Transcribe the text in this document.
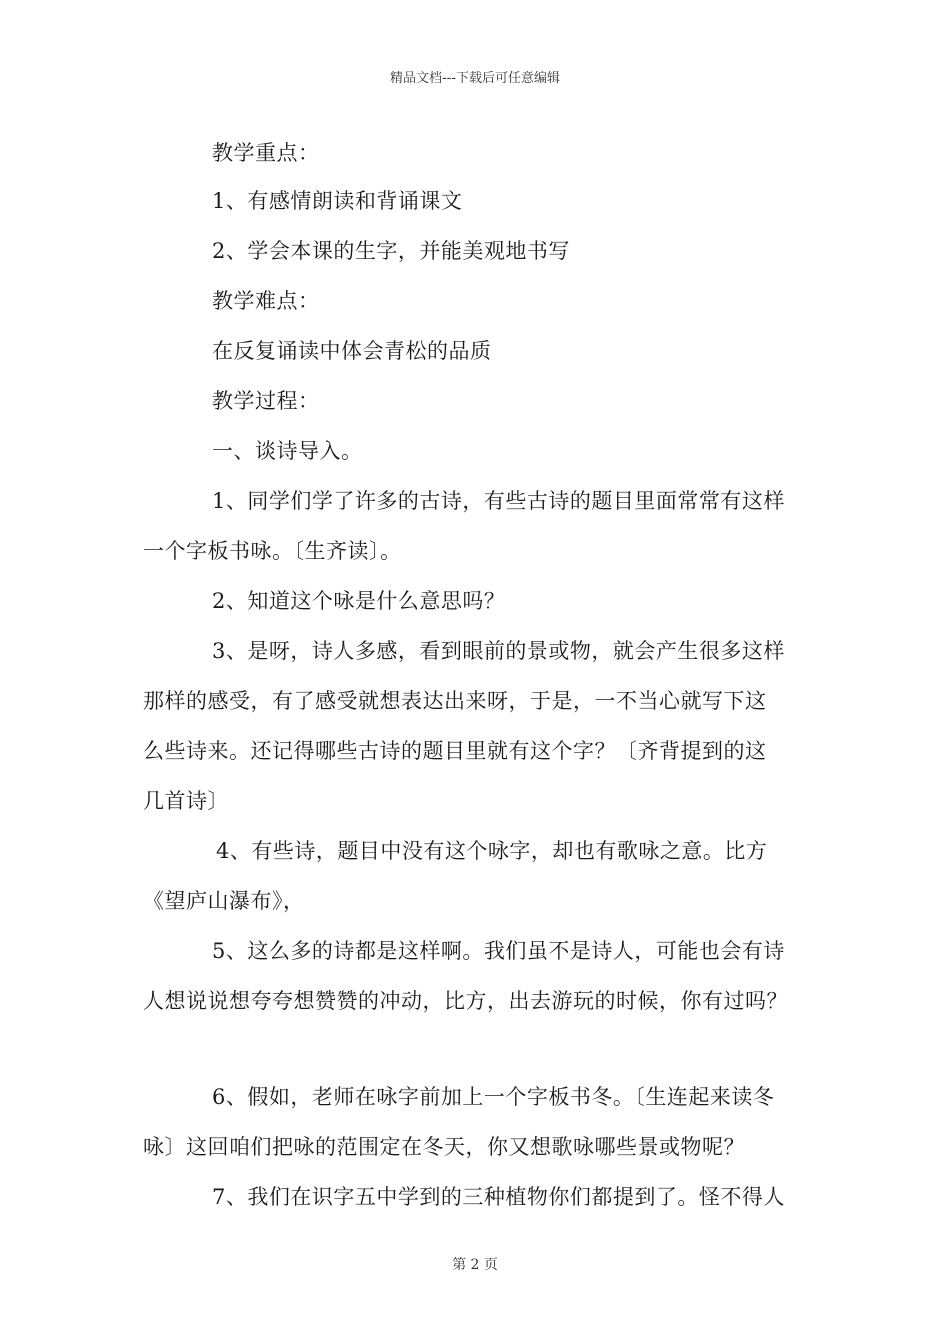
精品文档---下载后可任意编辑
教学重点：
1、有感情朗读和背诵课文
2、学会本课的生字，并能美观地书写
教学难点：
在反复诵读中体会青松的品质
教学过程：
一、谈诗导入。
1、同学们学了许多的古诗，有些古诗的题目里面常常有这样
一个字板书咏。〔生齐读〕。
2、知道这个咏是什么意思吗？
3、是呀，诗人多感，看到眼前的景或物，就会产生很多这样
那样的感受，有了感受就想表达出来呀，于是，一不当心就写下这
么些诗来。还记得哪些古诗的题目里就有这个字？〔齐背提到的这
几首诗〕
4、有些诗，题目中没有这个咏字，却也有歌咏之意。比方
《望庐山瀑布》，
5、这么多的诗都是这样啊。我们虽不是诗人，可能也会有诗
人想说说想夸夸想赞赞的冲动，比方，出去游玩的时候，你有过吗？
6、假如，老师在咏字前加上一个字板书冬。〔生连起来读冬
咏〕这回咱们把咏的范围定在冬天，你又想歌咏哪些景或物呢？
7、我们在识字五中学到的三种植物你们都提到了。怪不得人
第 2 页
